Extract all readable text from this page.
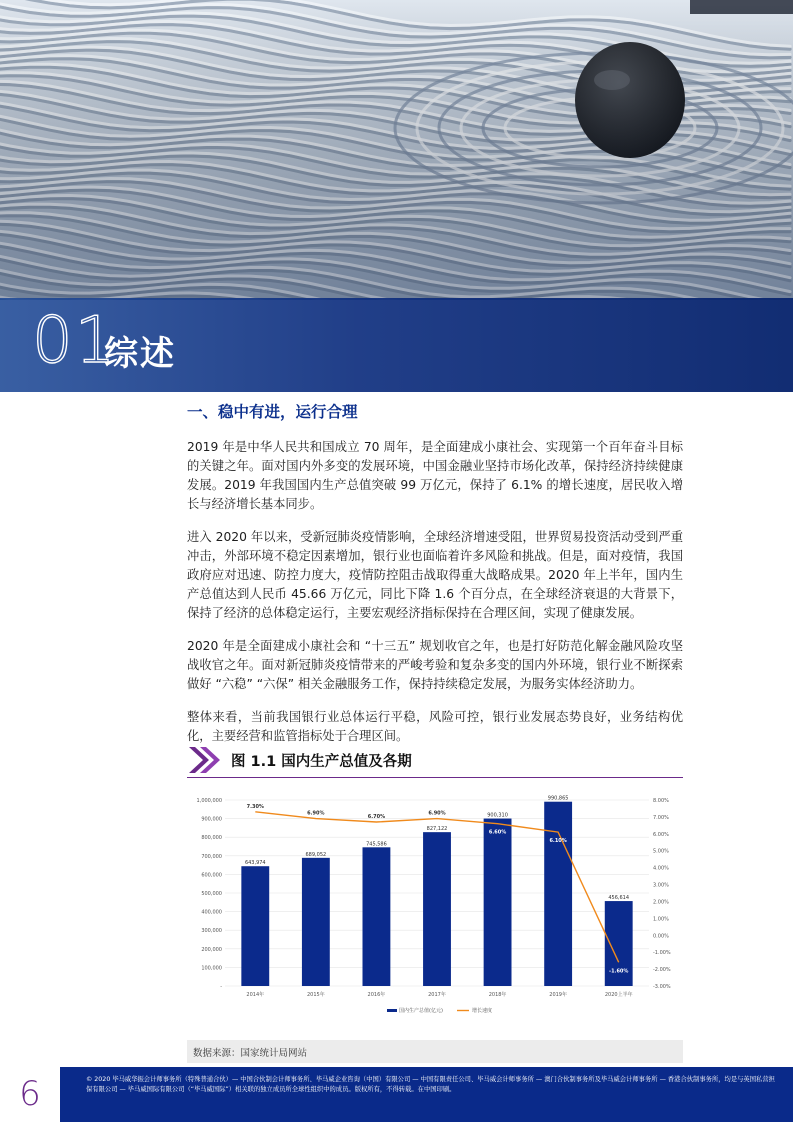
01
综述
一、稳中有进，运行合理

2019 年是中华人民共和国成立 70 周年，是全面建成小康社会、实现第一个百年奋斗目标的关键之年。面对国内外多变的发展环境，中国金融业坚持市场化改革，保持经济持续健康发展。2019 年我国国内生产总值突破 99 万亿元，保持了 6.1% 的增长速度，居民收入增长与经济增长基本同步。

进入 2020 年以来，受新冠肺炎疫情影响，全球经济增速受阻，世界贸易投资活动受到严重冲击，外部环境不稳定因素增加，银行业也面临着许多风险和挑战。但是，面对疫情，我国政府应对迅速、防控力度大，疫情防控阻击战取得重大战略成果。2020 年上半年，国内生产总值达到人民币 45.66 万亿元，同比下降 1.6 个百分点，在全球经济衰退的大背景下，保持了经济的总体稳定运行，主要宏观经济指标保持在合理区间，实现了健康发展。

2020 年是全面建成小康社会和 “十三五” 规划收官之年，也是打好防范化解金融风险攻坚战收官之年。面对新冠肺炎疫情带来的严峻考验和复杂多变的国内外环境，银行业不断探索做好 “六稳” “六保” 相关金融服务工作，保持持续稳定发展，为服务实体经济助力。

整体来看，当前我国银行业总体运行平稳，风险可控，银行业发展态势良好，业务结构优化，主要经营和监管指标处于合理区间。

图 1.1 国内生产总值及各期
-
100,000
200,000
300,000
400,000
500,000
600,000
700,000
800,000
900,000
1,000,000
-3.00%
-2.00%
-1.00%
0.00%
1.00%
2.00%
3.00%
4.00%
5.00%
6.00%
7.00%
8.00%
643,974
2014年
689,052
2015年
745,586
2016年
827,122
2017年
900,310
2018年
990,865
2019年
456,614
2020上半年
7.30%
6.90%
6.70%
6.90%
6.60%
6.10%
-1.60%
国内生产总值(亿元)	增长速度
数据来源：国家统计局网站
6	© 2020 毕马威华振会计师事务所（特殊普通合伙）— 中国合伙制会计师事务所、毕马威企业咨询（中国）有限公司 — 中国有限责任公司、毕马威会计师事务所 — 澳门合伙制事务所及毕马威会计师事务所 — 香港合伙制事务所，均是与英国私营担保有限公司 — 毕马威国际有限公司（“毕马威国际”）相关联的独立成员所全球性组织中的成员。版权所有，不得转载。在中国印刷。
